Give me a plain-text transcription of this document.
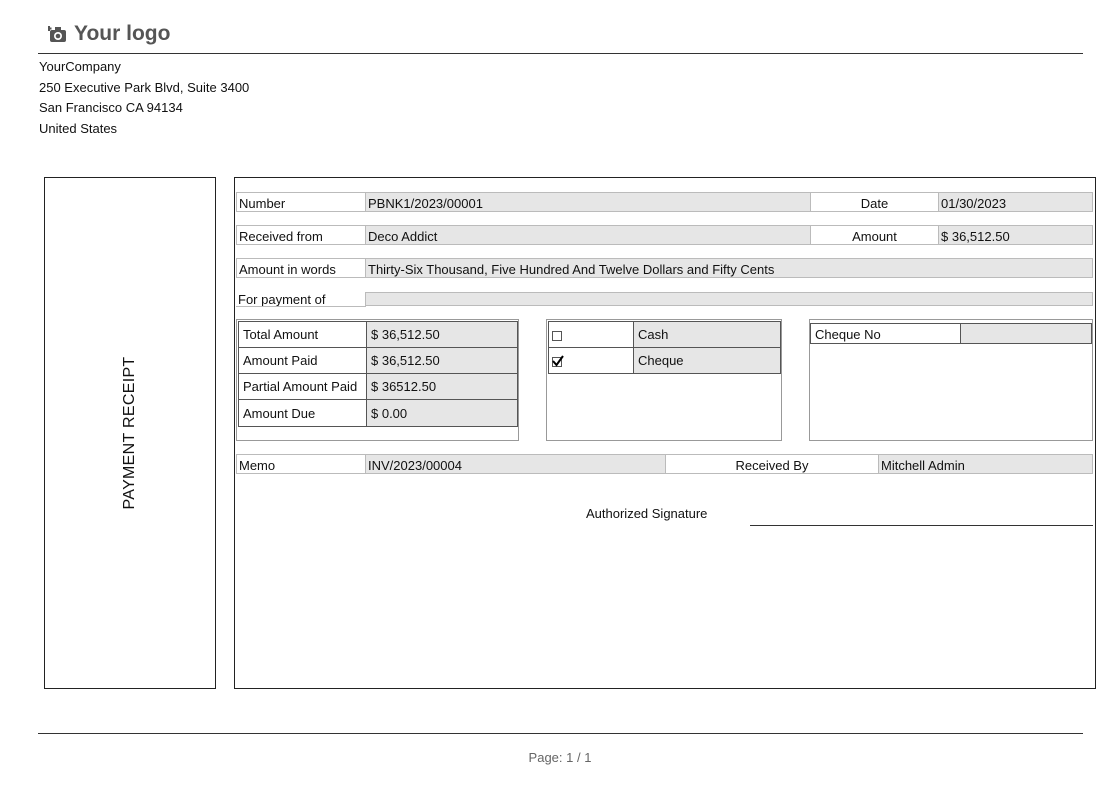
Your logo
YourCompany
250 Executive Park Blvd, Suite 3400
San Francisco CA 94134
United States
PAYMENT RECEIPT
Number	PBNK1/2023/00001	Date	01/30/2023
Received from	Deco Addict	Amount	$ 36,512.50
Amount in words	Thirty-Six Thousand, Five Hundred And Twelve Dollars and Fifty Cents
For payment of
Total Amount	$ 36,512.50
Amount Paid	$ 36,512.50
Partial Amount Paid	$ 36512.50
Amount Due	$ 0.00
Cash
Cheque
Cheque No
Memo	INV/2023/00004	Received By	Mitchell Admin
Authorized Signature
Page: 1 / 1
